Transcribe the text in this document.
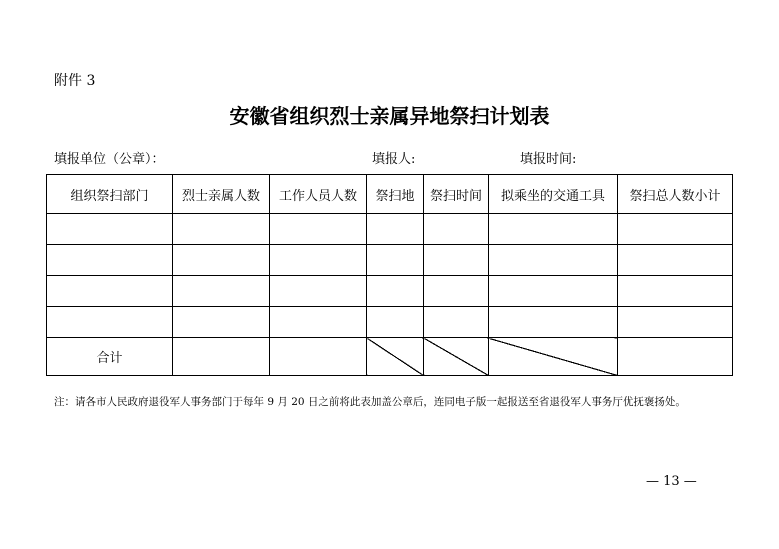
附件 3
安徽省组织烈士亲属异地祭扫计划表
填报单位（公章）：	填报人:	填报时间:
组织祭扫部门	烈士亲属人数	工作人员人数	祭扫地	祭扫时间	拟乘坐的交通工具	祭扫总人数小计

合计						
注：请各市人民政府退役军人事务部门于每年 9 月 20 日之前将此表加盖公章后，连同电子版一起报送至省退役军人事务厅优抚褒扬处。
— 13 —
